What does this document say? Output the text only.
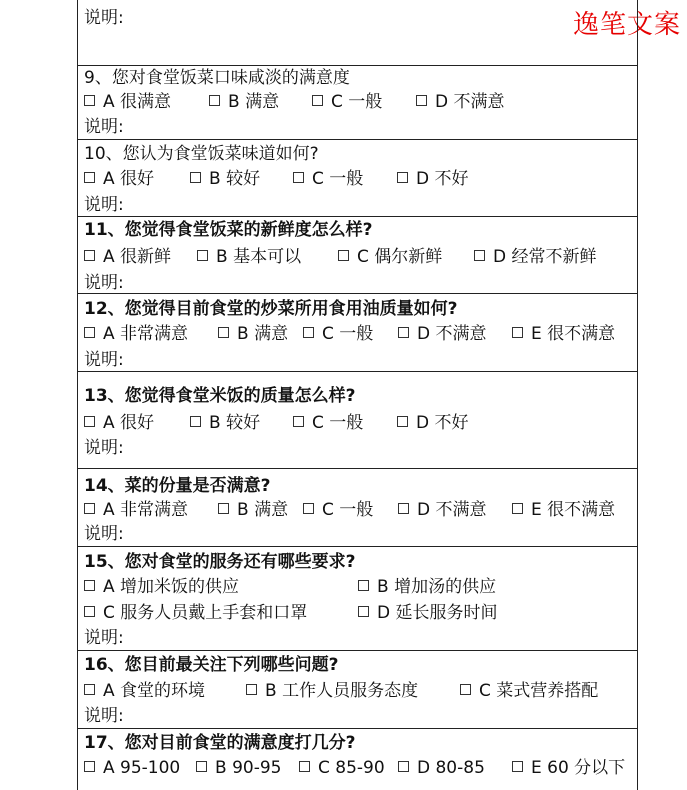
逸笔文案
说明:
9、您对食堂饭菜口味咸淡的满意度
A 很满意	B 满意	C 一般	D 不满意
说明:
10、您认为食堂饭菜味道如何?
A 很好	B 较好	C 一般	D 不好
说明:
11、您觉得食堂饭菜的新鲜度怎么样?
A 很新鲜	B 基本可以	C 偶尔新鲜	D 经常不新鲜
说明:
12、您觉得目前食堂的炒菜所用食用油质量如何?
A 非常满意	B 满意	C 一般	D 不满意	E 很不满意
说明:
13、您觉得食堂米饭的质量怎么样?
A 很好	B 较好	C 一般	D 不好
说明:
14、菜的份量是否满意?
A 非常满意	B 满意	C 一般	D 不满意	E 很不满意
说明:
15、您对食堂的服务还有哪些要求?
A 增加米饭的供应	B 增加汤的供应
C 服务人员戴上手套和口罩	D 延长服务时间
说明:
16、您目前最关注下列哪些问题?
A 食堂的环境	B 工作人员服务态度	C 菜式营养搭配
说明:
17、您对目前食堂的满意度打几分?
A 95-100	B 90-95	C 85-90	D 80-85	E 60 分以下
